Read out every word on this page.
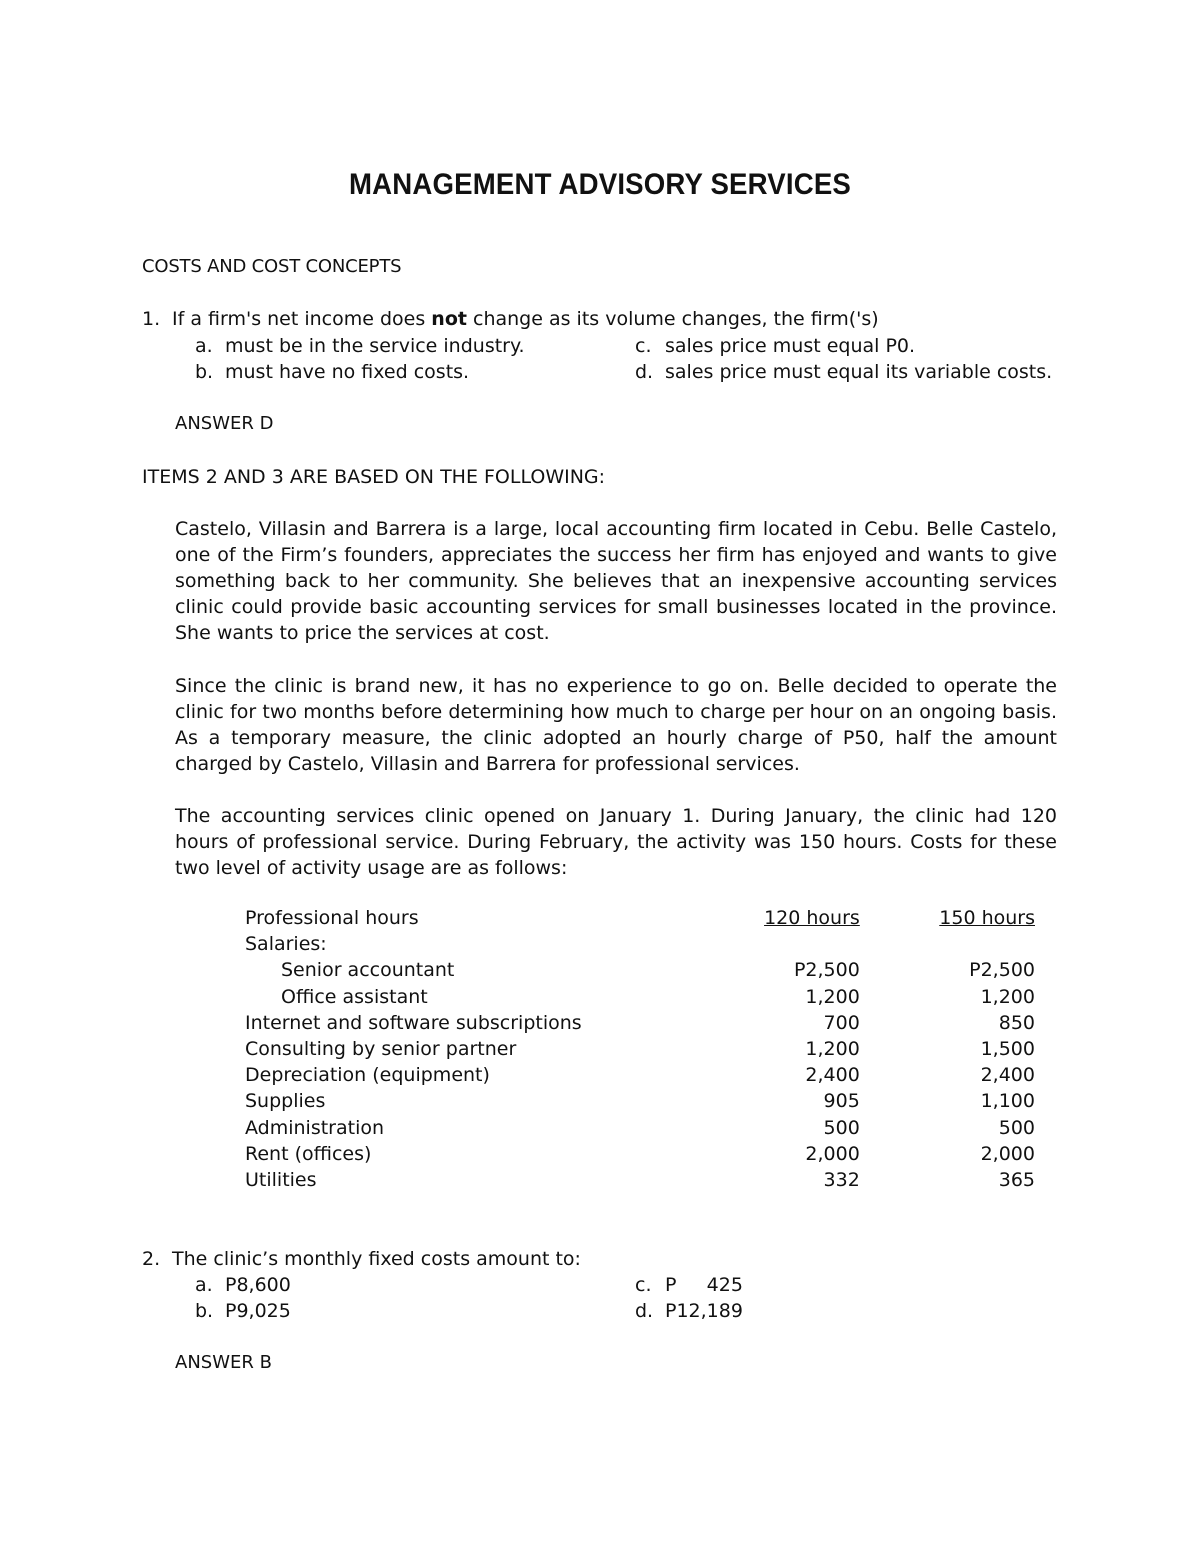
MANAGEMENT ADVISORY SERVICES
COSTS AND COST CONCEPTS
1. If a firm's net income does not change as its volume changes, the firm('s)
a. must be in the service industry.
b. must have no fixed costs.
c. sales price must equal P0.
d. sales price must equal its variable costs.
ANSWER D
ITEMS 2 AND 3 ARE BASED ON THE FOLLOWING:
Castelo, Villasin and Barrera is a large, local accounting firm located in Cebu. Belle Castelo, one of the Firm’s founders, appreciates the success her firm has enjoyed and wants to give something back to her community. She believes that an inexpensive accounting services clinic could provide basic accounting services for small businesses located in the province. She wants to price the services at cost.
Since the clinic is brand new, it has no experience to go on. Belle decided to operate the clinic for two months before determining how much to charge per hour on an ongoing basis. As a temporary measure, the clinic adopted an hourly charge of P50, half the amount charged by Castelo, Villasin and Barrera for professional services.
The accounting services clinic opened on January 1. During January, the clinic had 120 hours of professional service. During February, the activity was 150 hours. Costs for these two level of activity usage are as follows:
Professional hours	120 hours	150 hours
Salaries:		
Senior accountant	P2,500	P2,500
Office assistant	1,200	1,200
Internet and software subscriptions	700	850
Consulting by senior partner	1,200	1,500
Depreciation (equipment)	2,400	2,400
Supplies	905	1,100
Administration	500	500
Rent (offices)	2,000	2,000
Utilities	332	365
2. The clinic’s monthly fixed costs amount to:
a. P8,600
b. P9,025
c. P     425
d. P12,189
ANSWER B
